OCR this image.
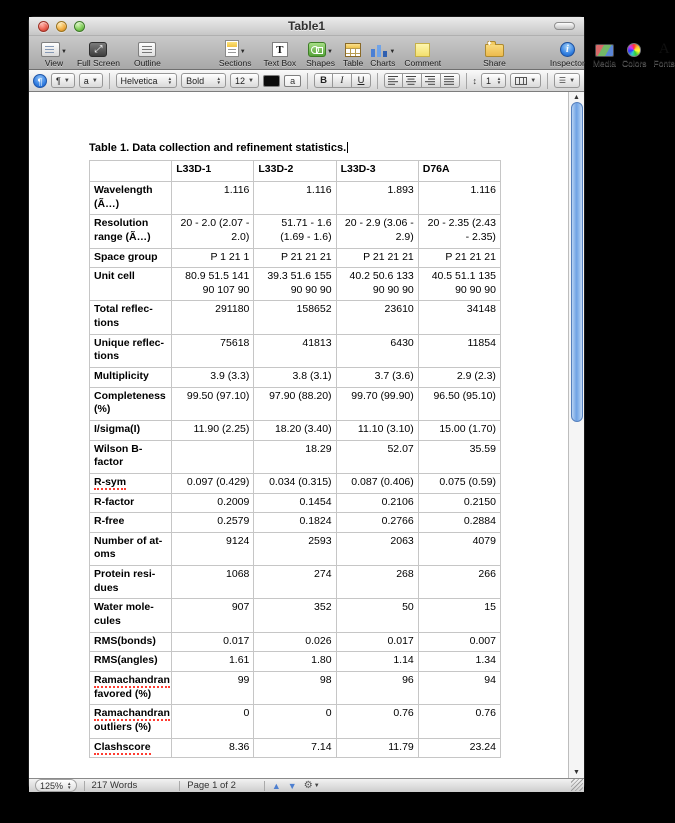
Table1
▼
View
⤢ Full Screen Outline
▼
Sections
T
Text Box
▼
Shapes Table
▼
Charts Comment
✦	Share
i
Inspector Media Colors
A
Fonts
¶	¶ ▼ a ▼	Helvetica ▲ ▼	Bold ▲ ▼	12 ▼	a	B	I	U	↕ 1 ▲ ▼	▼	☰ ▼
Table 1. Data collection and refinement statistics.
	L33D-1	L33D-2	L33D-3	D76A
Wavelength
(Ã…)	1.116	1.116	1.893	1.116
Resolution
range (Ã…)	20 - 2.0 (2.07 - 2.0)	51.71 - 1.6 (1.69 - 1.6)	20 - 2.9 (3.06 - 2.9)	20 - 2.35 (2.43 - 2.35)
Space group	P 1 21 1	P 21 21 21	P 21 21 21	P 21 21 21
Unit cell	80.9 51.5 141 90 107 90	39.3 51.6 155 90 90 90	40.2 50.6 133 90 90 90	40.5 51.1 135 90 90 90
Total reflec-
tions	291180	158652	23610	34148
Unique reflec-
tions	75618	41813	6430	11854
Multiplicity	3.9 (3.3)	3.8 (3.1)	3.7 (3.6)	2.9 (2.3)
Completeness
(%)	99.50 (97.10)	97.90 (88.20)	99.70 (99.90)	96.50 (95.10)
I/sigma(I)	11.90 (2.25)	18.20 (3.40)	11.10 (3.10)	15.00 (1.70)
Wilson B-
factor		18.29	52.07	35.59
R-sym	0.097 (0.429)	0.034 (0.315)	0.087 (0.406)	0.075 (0.59)
R-factor	0.2009	0.1454	0.2106	0.2150
R-free	0.2579	0.1824	0.2766	0.2884
Number of at-
oms	9124	2593	2063	4079
Protein resi-
dues	1068	274	268	266
Water mole-
cules	907	352	50	15
RMS(bonds)	0.017	0.026	0.017	0.007
RMS(angles)	1.61	1.80	1.14	1.34
Ramachandran
favored (%)	99	98	96	94
Ramachandran
outliers (%)	0	0	0.76	0.76
Clashscore	8.36	7.14	11.79	23.24
▲
▼
125% ▲ ▼	217 Words	Page 1 of 2	▲ ▼	⚙ ▼
